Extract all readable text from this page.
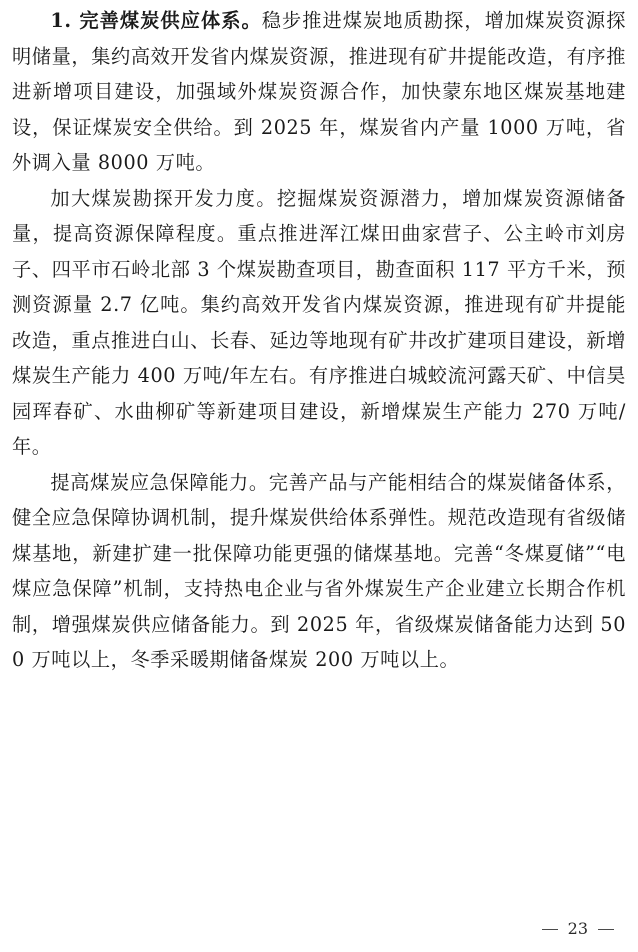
1. 完善煤炭供应体系。稳步推进煤炭地质勘探，增加煤炭资源探明储量，集约高效开发省内煤炭资源，推进现有矿井提能改造，有序推进新增项目建设，加强域外煤炭资源合作，加快蒙东地区煤炭基地建设，保证煤炭安全供给。到 2025 年，煤炭省内产量 1000 万吨，省外调入量 8000 万吨。

加大煤炭勘探开发力度。挖掘煤炭资源潜力，增加煤炭资源储备量，提高资源保障程度。重点推进浑江煤田曲家营子、公主岭市刘房子、四平市石岭北部 3 个煤炭勘查项目，勘查面积 117 平方千米，预测资源量 2.7 亿吨。集约高效开发省内煤炭资源，推进现有矿井提能改造，重点推进白山、长春、延边等地现有矿井改扩建项目建设，新增煤炭生产能力 400 万吨/年左右。有序推进白城蛟流河露天矿、中信昊园珲春矿、水曲柳矿等新建项目建设，新增煤炭生产能力 270 万吨/年。

提高煤炭应急保障能力。完善产品与产能相结合的煤炭储备体系，健全应急保障协调机制，提升煤炭供给体系弹性。规范改造现有省级储煤基地，新建扩建一批保障功能更强的储煤基地。完善“冬煤夏储”“电煤应急保障”机制，支持热电企业与省外煤炭生产企业建立长期合作机制，增强煤炭供应储备能力。到 2025 年，省级煤炭储备能力达到 500 万吨以上，冬季采暖期储备煤炭 200 万吨以上。

23
